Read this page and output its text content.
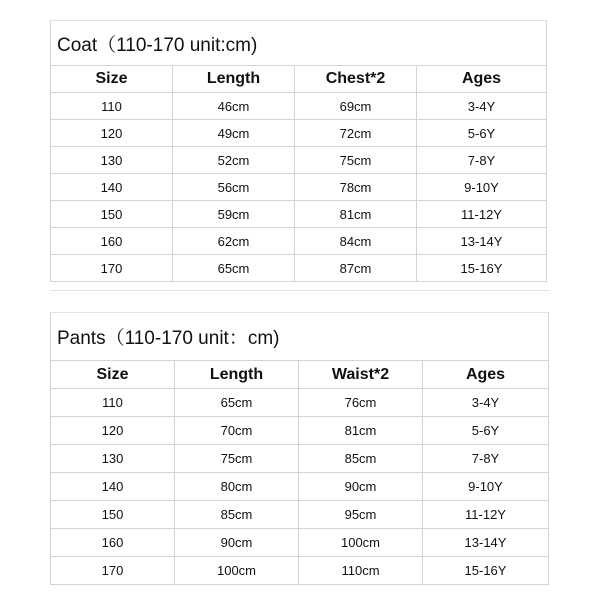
Coat（110-170 unit:cm)			
Size	Length	Chest*2	Ages
110	46cm	69cm	3-4Y
120	49cm	72cm	5-6Y
130	52cm	75cm	7-8Y
140	56cm	78cm	9-10Y
150	59cm	81cm	11-12Y
160	62cm	84cm	13-14Y
170	65cm	87cm	15-16Y
Pants（110-170 unit：cm)			
Size	Length	Waist*2	Ages
110	65cm	76cm	3-4Y
120	70cm	81cm	5-6Y
130	75cm	85cm	7-8Y
140	80cm	90cm	9-10Y
150	85cm	95cm	11-12Y
160	90cm	100cm	13-14Y
170	100cm	110cm	15-16Y
